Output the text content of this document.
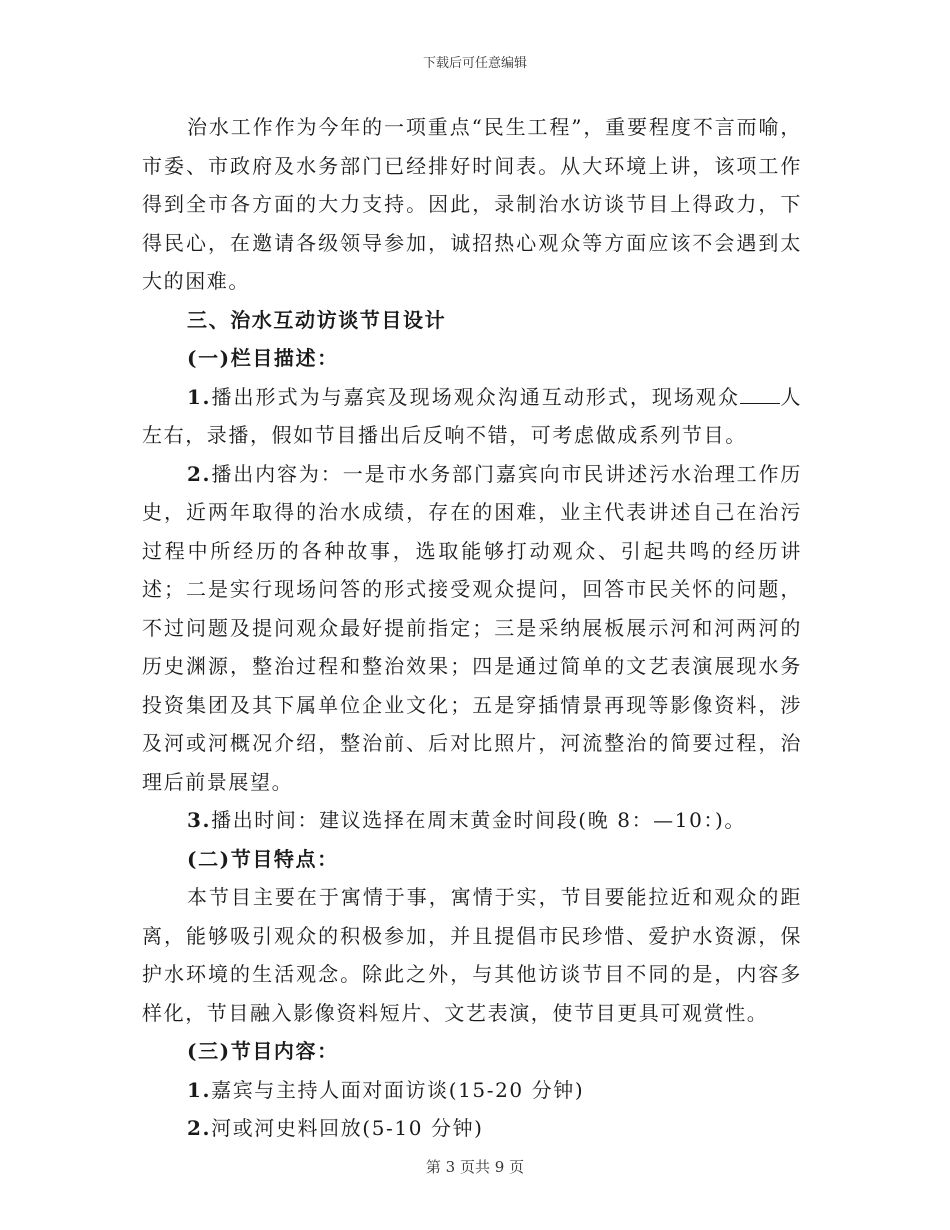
下载后可任意编辑

治水工作作为今年的一项重点“民生工程”，重要程度不言而喻，市委、市政府及水务部门已经排好时间表。从大环境上讲，该项工作得到全市各方面的大力支持。因此，录制治水访谈节目上得政力，下得民心，在邀请各级领导参加，诚招热心观众等方面应该不会遇到太大的困难。

三、治水互动访谈节目设计

(一)栏目描述：

1.播出形式为与嘉宾及现场观众沟通互动形式，现场观众 人左右，录播，假如节目播出后反响不错，可考虑做成系列节目。

2.播出内容为：一是市水务部门嘉宾向市民讲述污水治理工作历史，近两年取得的治水成绩，存在的困难，业主代表讲述自己在治污过程中所经历的各种故事，选取能够打动观众、引起共鸣的经历讲述；二是实行现场问答的形式接受观众提问，回答市民关怀的问题，不过问题及提问观众最好提前指定；三是采纳展板展示河和河两河的历史渊源，整治过程和整治效果；四是通过简单的文艺表演展现水务投资集团及其下属单位企业文化；五是穿插情景再现等影像资料，涉及河或河概况介绍，整治前、后对比照片，河流整治的简要过程，治理后前景展望。

3.播出时间：建议选择在周末黄金时间段(晚 8：—10：)。

(二)节目特点：

本节目主要在于寓情于事，寓情于实，节目要能拉近和观众的距离，能够吸引观众的积极参加，并且提倡市民珍惜、爱护水资源，保护水环境的生活观念。除此之外，与其他访谈节目不同的是，内容多样化，节目融入影像资料短片、文艺表演，使节目更具可观赏性。

(三)节目内容：

1.嘉宾与主持人面对面访谈(15-20 分钟)

2.河或河史料回放(5-10 分钟)

第 3 页共 9 页
